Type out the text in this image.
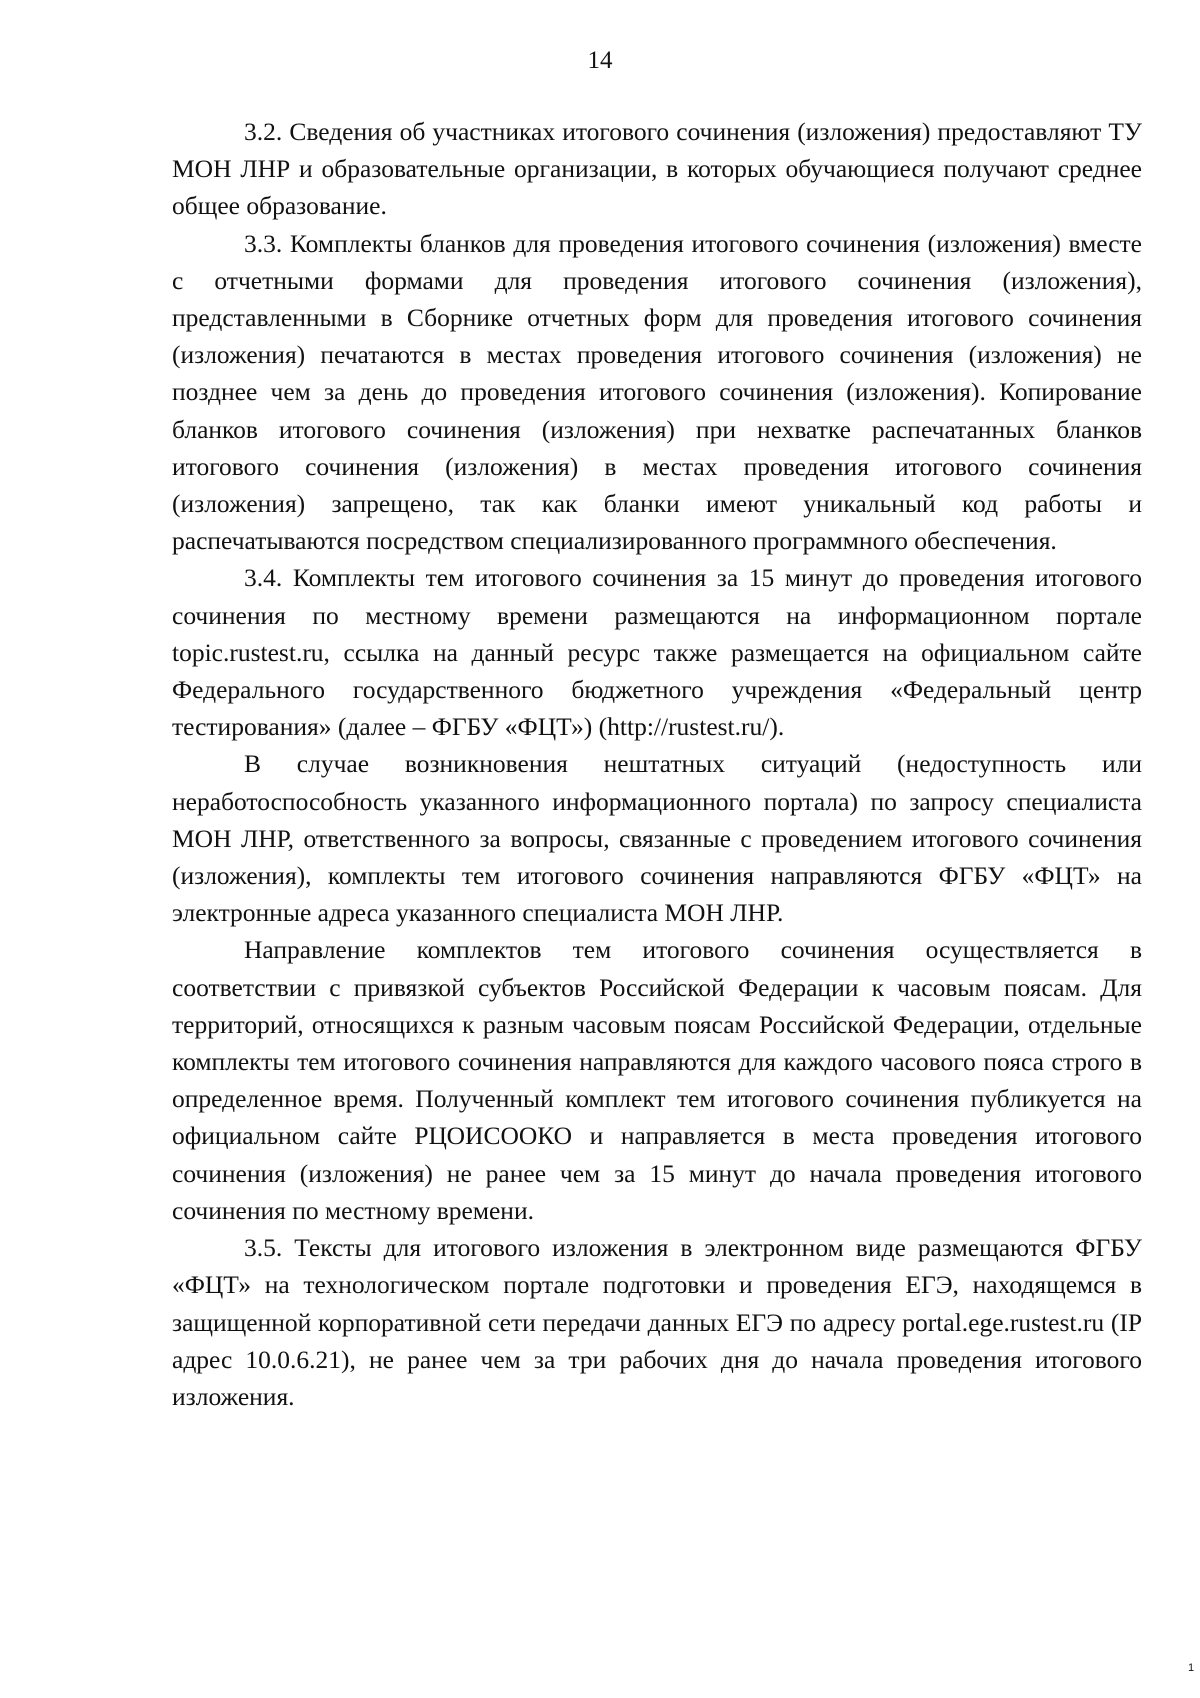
14

3.2. Сведения об участниках итогового сочинения (изложения) предоставляют ТУ МОН ЛНР и образовательные организации, в которых обучающиеся получают среднее общее образование.

3.3. Комплекты бланков для проведения итогового сочинения (изложения) вместе с отчетными формами для проведения итогового сочинения (изложения), представленными в Сборнике отчетных форм для проведения итогового сочинения (изложения) печатаются в местах проведения итогового сочинения (изложения) не позднее чем за день до проведения итогового сочинения (изложения). Копирование бланков итогового сочинения (изложения) при нехватке распечатанных бланков итогового сочинения (изложения) в местах проведения итогового сочинения (изложения) запрещено, так как бланки имеют уникальный код работы и распечатываются посредством специализированного программного обеспечения.

3.4. Комплекты тем итогового сочинения за 15 минут до проведения итогового сочинения по местному времени размещаются на информационном портале topic.rustest.ru, ссылка на данный ресурс также размещается на официальном сайте Федерального государственного бюджетного учреждения «Федеральный центр тестирования» (далее – ФГБУ «ФЦТ») (http://rustest.ru/).

В случае возникновения нештатных ситуаций (недоступность или неработоспособность указанного информационного портала) по запросу специалиста МОН ЛНР, ответственного за вопросы, связанные с проведением итогового сочинения (изложения), комплекты тем итогового сочинения направляются ФГБУ «ФЦТ» на электронные адреса указанного специалиста МОН ЛНР.

Направление комплектов тем итогового сочинения осуществляется в соответствии с привязкой субъектов Российской Федерации к часовым поясам. Для территорий, относящихся к разным часовым поясам Российской Федерации, отдельные комплекты тем итогового сочинения направляются для каждого часового пояса строго в определенное время. Полученный комплект тем итогового сочинения публикуется на официальном сайте РЦОИСООКО и направляется в места проведения итогового сочинения (изложения) не ранее чем за 15 минут до начала проведения итогового сочинения по местному времени.

3.5. Тексты для итогового изложения в электронном виде размещаются ФГБУ «ФЦТ» на технологическом портале подготовки и проведения ЕГЭ, находящемся в защищенной корпоративной сети передачи данных ЕГЭ по адресу portal.ege.rustest.ru (IP адрес 10.0.6.21), не ранее чем за три рабочих дня до начала проведения итогового изложения.

1
